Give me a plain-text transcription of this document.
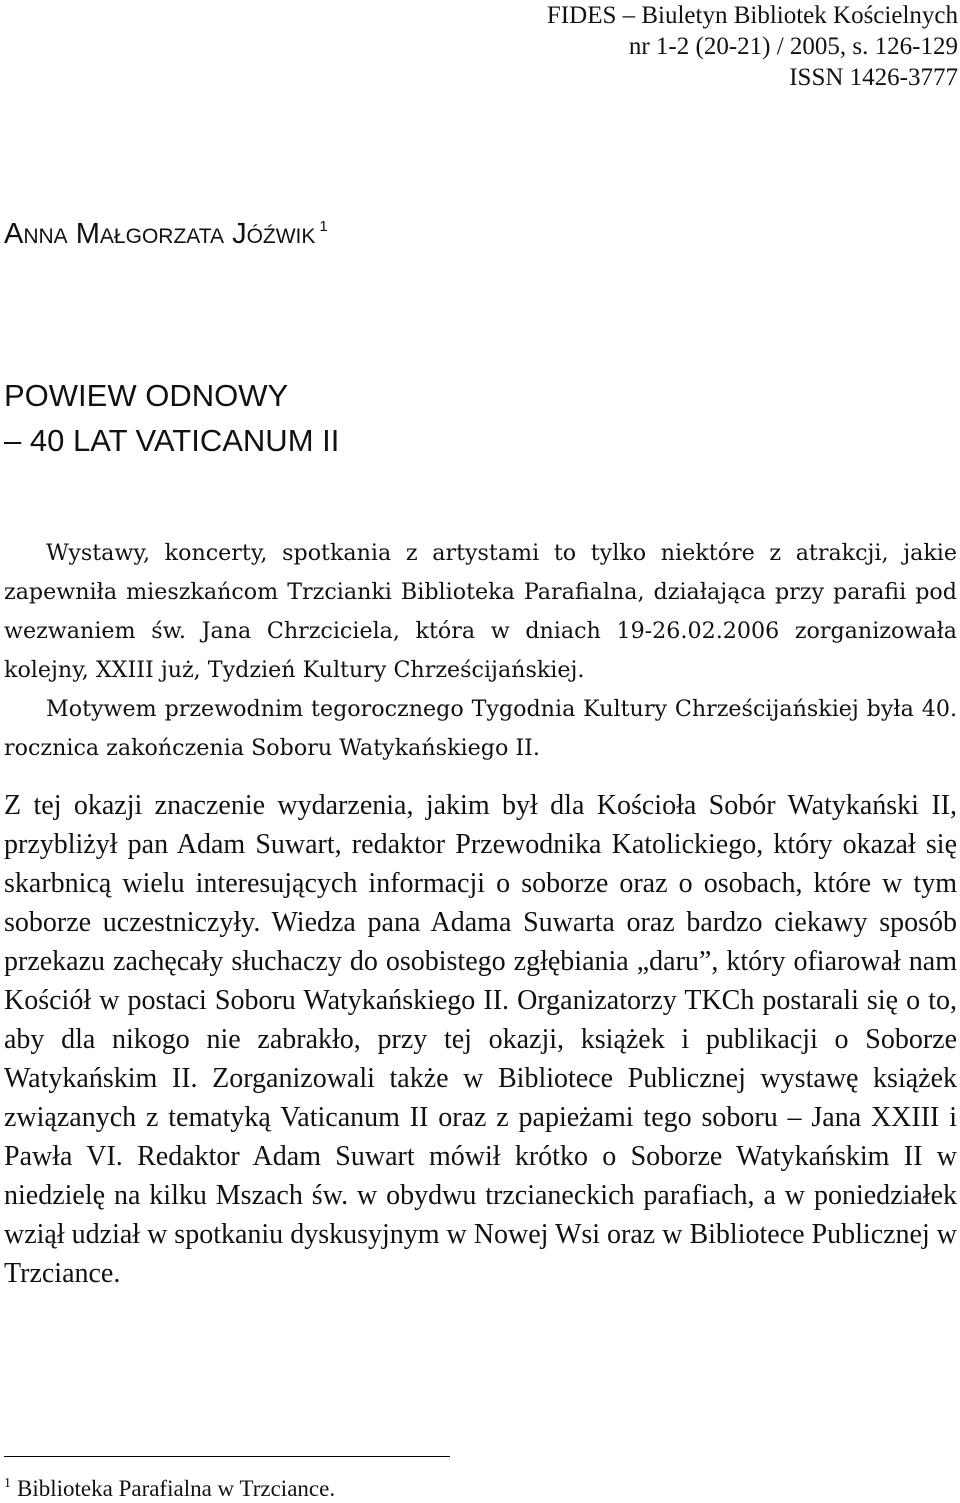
FIDES – Biuletyn Bibliotek Kościelnych
nr 1-2 (20-21) / 2005, s. 126-129
ISSN 1426-3777
ANNA MAŁGORZATA JÓŹWIK $^1$
POWIEW ODNOWY
– 40 LAT VATICANUM II

Wystawy, koncerty, spotkania z artystami to tylko niektóre z atrakcji, jakie zapewniła mieszkańcom Trzcianki Biblioteka Parafialna, działająca przy parafii pod wezwaniem św. Jana Chrzciciela, która w dniach 19-26.02.2006 zorganizowała kolejny, XXIII już, Tydzień Kultury Chrześcijańskiej.

Motywem przewodnim tegorocznego Tygodnia Kultury Chrześcijańskiej była 40. rocznica zakończenia Soboru Watykańskiego II.

Z tej okazji znaczenie wydarzenia, jakim był dla Kościoła Sobór Watykański II, przybliżył pan Adam Suwart, redaktor Przewodnika Katolickiego, który okazał się skarbnicą wielu interesujących informacji o soborze oraz o osobach, które w tym soborze uczestniczyły. Wiedza pana Adama Suwarta oraz bardzo ciekawy sposób przekazu zachęcały słuchaczy do osobistego zgłębiania „daru”, który ofiarował nam Kościół w postaci Soboru Watykańskiego II. Organizatorzy TKCh postarali się o to, aby dla nikogo nie zabrakło, przy tej okazji, książek i publikacji o Soborze Watykańskim II. Zorganizowali także w Bibliotece Publicznej wystawę książek związanych z tematyką Vaticanum II oraz z papieżami tego soboru – Jana XXIII i Pawła VI. Redaktor Adam Suwart mówił krótko o Soborze Watykańskim II w niedzielę na kilku Mszach św. w obydwu trzcianeckich parafiach, a w poniedziałek wziął udział w spotkaniu dyskusyjnym w Nowej Wsi oraz w Bibliotece Publicznej w Trzciance.

$^1$ Biblioteka Parafialna w Trzciance.
